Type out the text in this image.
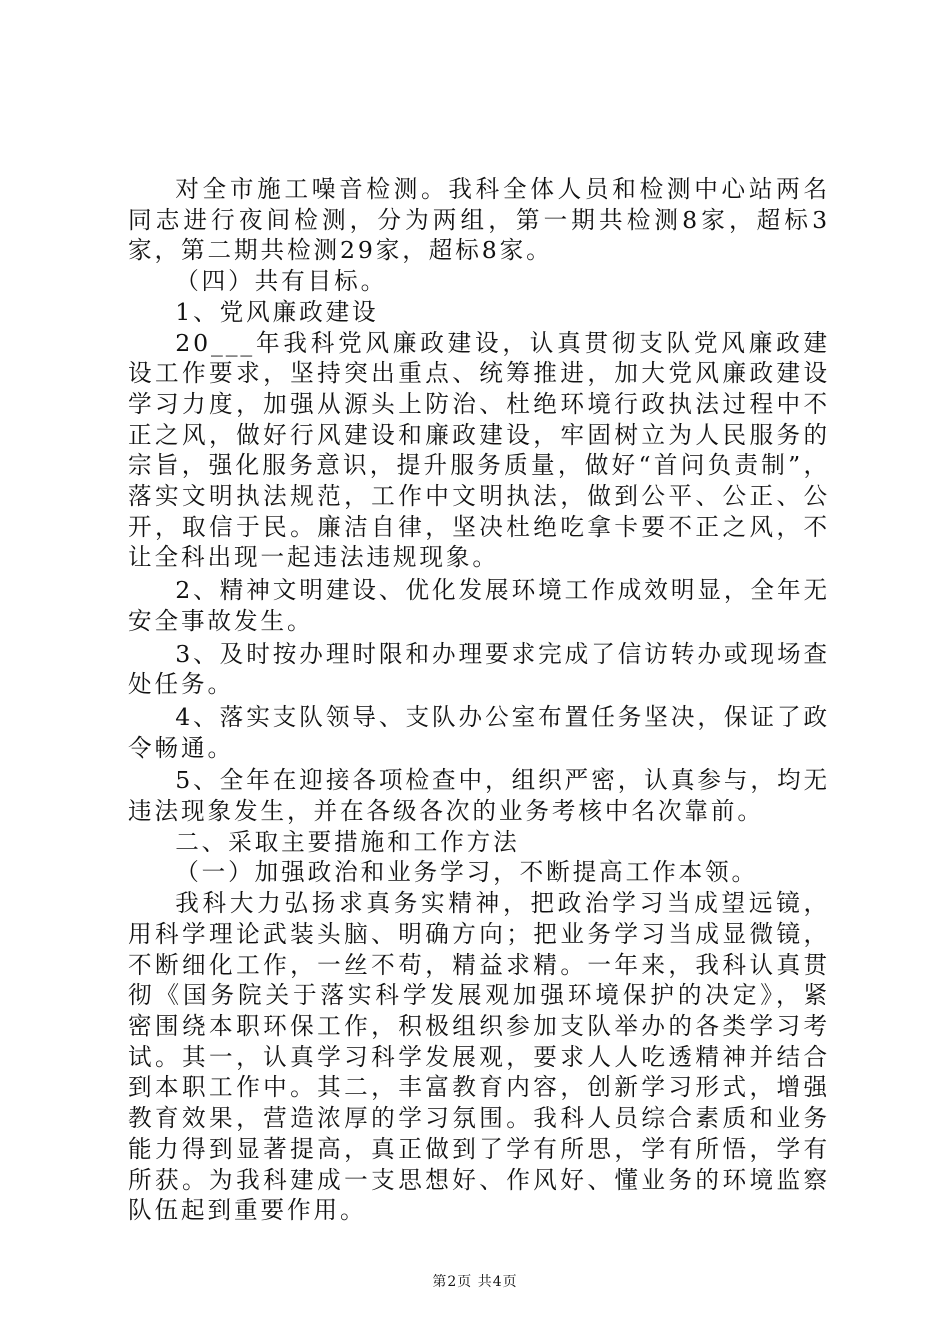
对全市施工噪音检测。我科全体人员和检测中心站两名同志进行夜间检测，分为两组，第一期共检测8家，超标3家，第二期共检测29家，超标8家。

（四）共有目标。

1、党风廉政建设

20___年我科党风廉政建设，认真贯彻支队党风廉政建设工作要求，坚持突出重点、统筹推进，加大党风廉政建设学习力度，加强从源头上防治、杜绝环境行政执法过程中不正之风，做好行风建设和廉政建设，牢固树立为人民服务的宗旨，强化服务意识，提升服务质量，做好“首问负责制”，落实文明执法规范，工作中文明执法，做到公平、公正、公开，取信于民。廉洁自律，坚决杜绝吃拿卡要不正之风，不让全科出现一起违法违规现象。

2、精神文明建设、优化发展环境工作成效明显，全年无安全事故发生。

3、及时按办理时限和办理要求完成了信访转办或现场查处任务。

4、落实支队领导、支队办公室布置任务坚决，保证了政令畅通。

5、全年在迎接各项检查中，组织严密，认真参与，均无违法现象发生，并在各级各次的业务考核中名次靠前。

二、采取主要措施和工作方法

（一）加强政治和业务学习，不断提高工作本领。

我科大力弘扬求真务实精神，把政治学习当成望远镜，用科学理论武装头脑、明确方向；把业务学习当成显微镜，不断细化工作，一丝不苟，精益求精。一年来，我科认真贯彻《国务院关于落实科学发展观加强环境保护的决定》，紧密围绕本职环保工作，积极组织参加支队举办的各类学习考试。其一，认真学习科学发展观，要求人人吃透精神并结合到本职工作中。其二，丰富教育内容，创新学习形式，增强教育效果，营造浓厚的学习氛围。我科人员综合素质和业务能力得到显著提高，真正做到了学有所思，学有所悟，学有所获。为我科建成一支思想好、作风好、懂业务的环境监察队伍起到重要作用。

第2页 共4页
